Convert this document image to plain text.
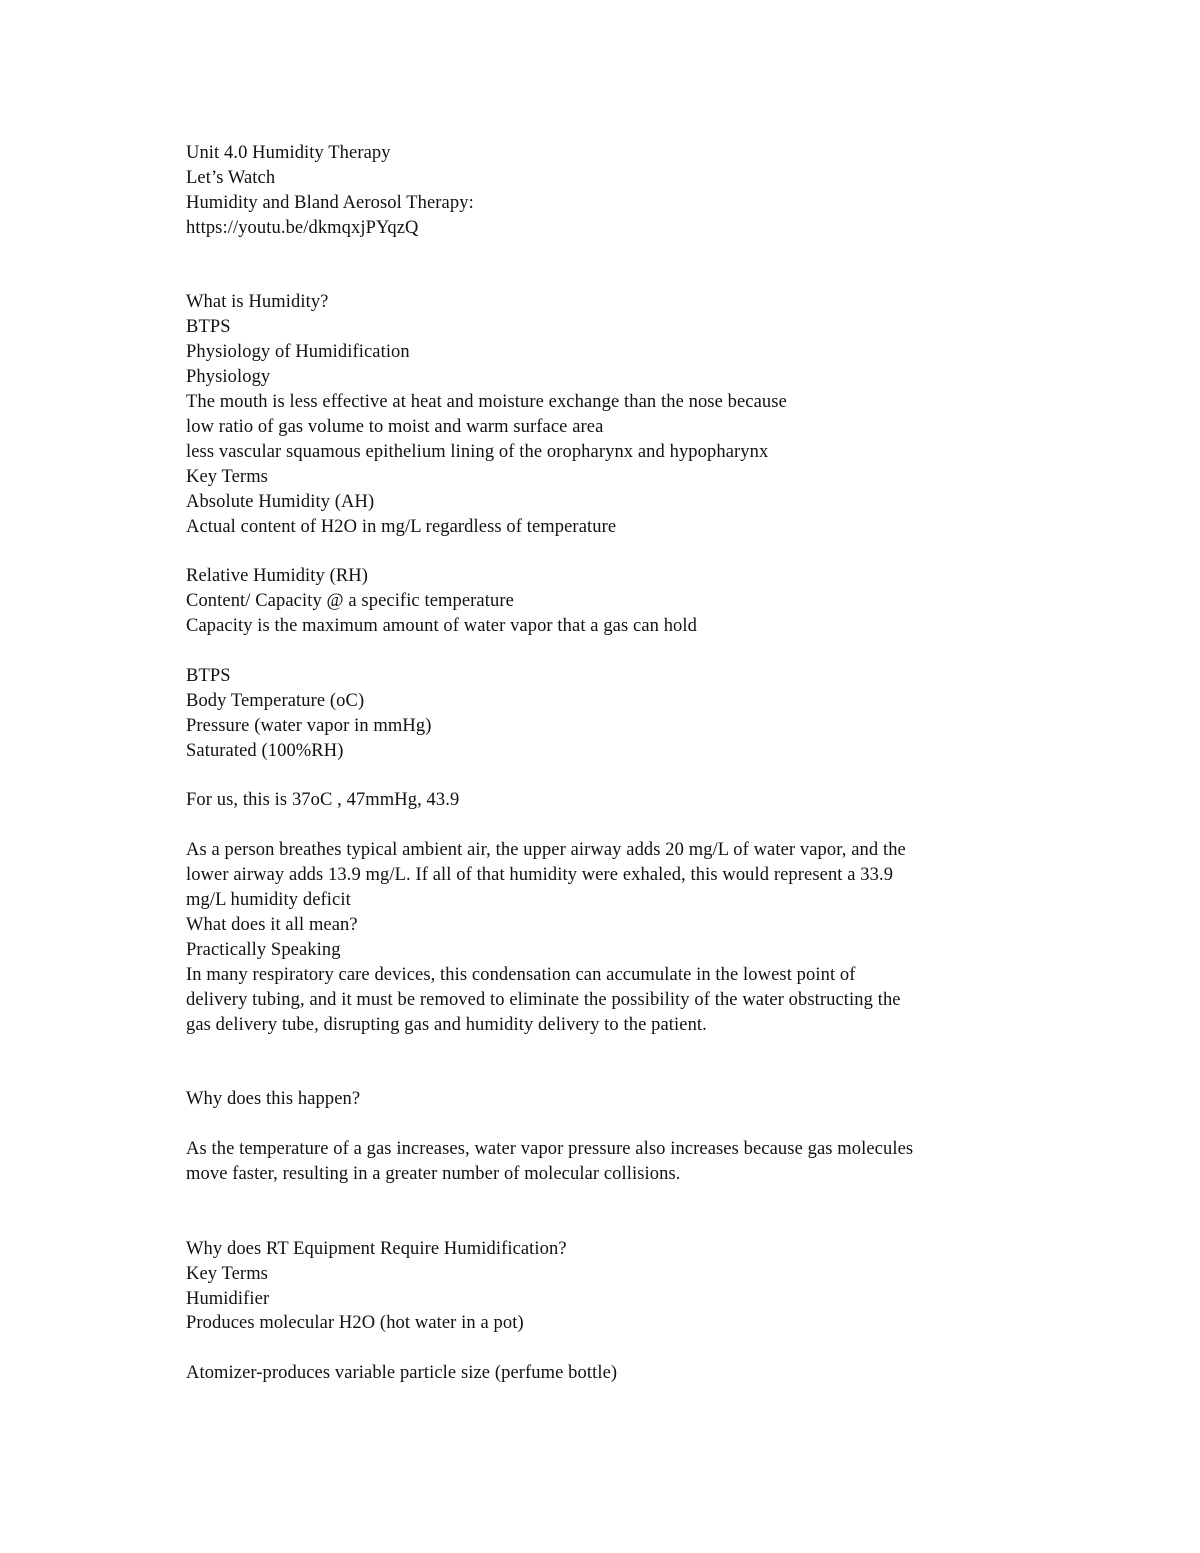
Unit 4.0 Humidity Therapy

Let’s Watch

Humidity and Bland Aerosol Therapy:

https://youtu.be/dkmqxjPYqzQ

What is Humidity?

BTPS

Physiology of Humidification

Physiology

The mouth is less effective at heat and moisture exchange than the nose because

low ratio of gas volume to moist and warm surface area

less vascular squamous epithelium lining of the oropharynx and hypopharynx

Key Terms

Absolute Humidity (AH)

Actual content of H2O in mg/L regardless of temperature

Relative Humidity (RH)

Content/ Capacity @ a specific temperature

Capacity is the maximum amount of water vapor that a gas can hold

BTPS

Body Temperature (oC)

Pressure (water vapor in mmHg)

Saturated (100%RH)

For us, this is 37oC , 47mmHg, 43.9

As a person breathes typical ambient air, the upper airway adds 20 mg/L of water vapor, and the

lower airway adds 13.9 mg/L. If all of that humidity were exhaled, this would represent a 33.9

mg/L humidity deficit

What does it all mean?

Practically Speaking

In many respiratory care devices, this condensation can accumulate in the lowest point of

delivery tubing, and it must be removed to eliminate the possibility of the water obstructing the

gas delivery tube, disrupting gas and humidity delivery to the patient.

Why does this happen?

As the temperature of a gas increases, water vapor pressure also increases because gas molecules

move faster, resulting in a greater number of molecular collisions.

Why does RT Equipment Require Humidification?

Key Terms

Humidifier

Produces molecular H2O (hot water in a pot)

Atomizer-produces variable particle size (perfume bottle)
